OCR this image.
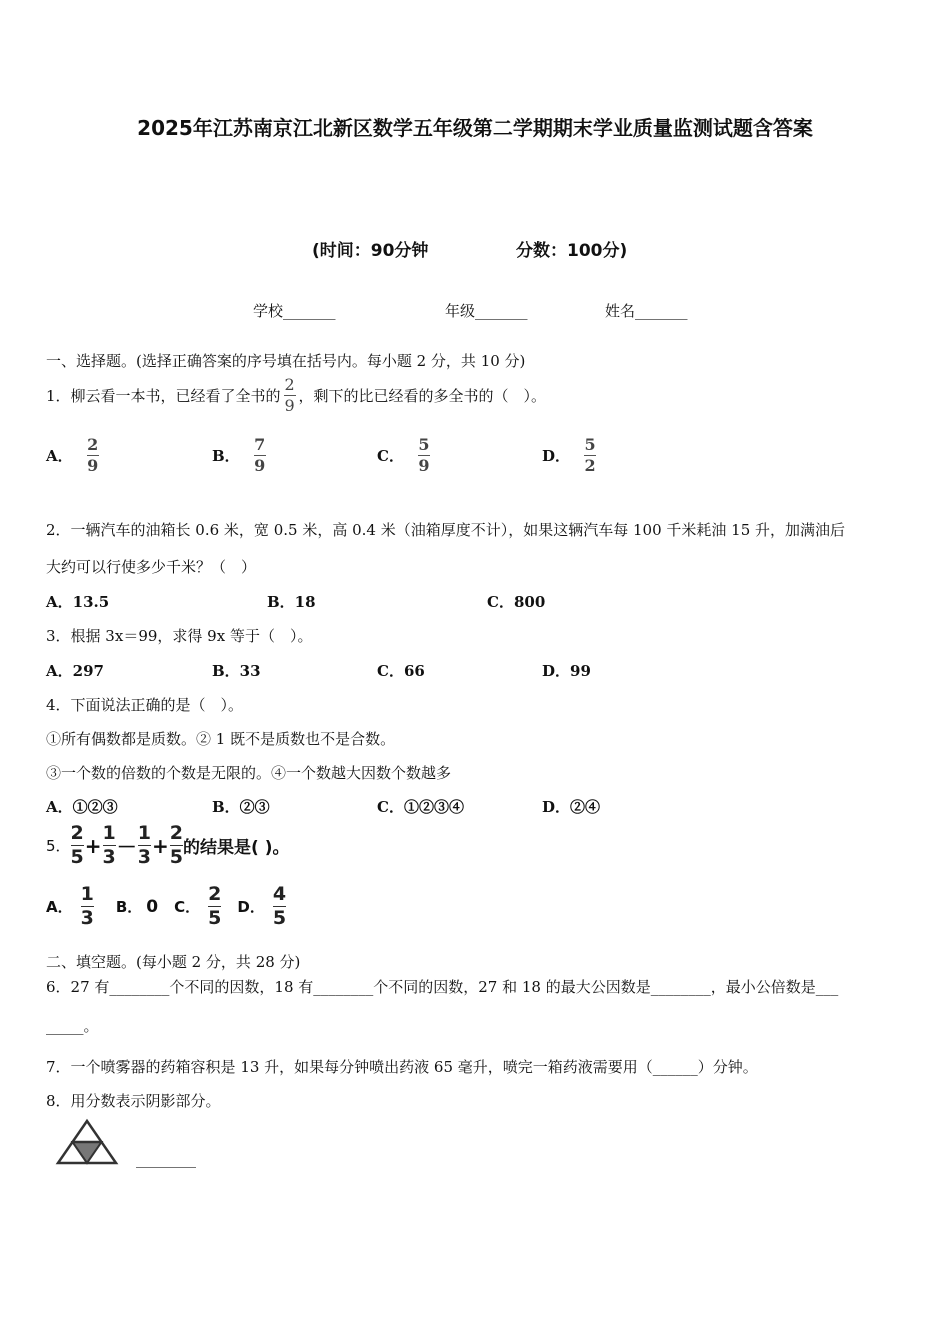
2025年江苏南京江北新区数学五年级第二学期期末学业质量监测试题含答案
(时间：90分钟	分数：100分)
学校_______	年级_______	姓名_______
一、选择题。(选择正确答案的序号填在括号内。每小题 2 分，共 10 分)
1．柳云看一本书，已经看了全书的 $\frac{2}{9}$ ，剩下的比已经看的多全书的（　）。
A． $\frac{2}{9}$	B． $\frac{7}{9}$	C． $\frac{5}{9}$	D． $\frac{5}{2}$
2．一辆汽车的油箱长 0.6 米，宽 0.5 米，高 0.4 米（油箱厚度不计），如果这辆汽车每 100 千米耗油 15 升，加满油后
大约可以行使多少千米？（　）
A．13.5	B．18	C．800
3．根据 3x＝99，求得 9x 等于（　）。
A．297	B．33	C．66	D．99
4．下面说法正确的是（　）。
①所有偶数都是质数。② 1 既不是质数也不是合数。
③一个数的倍数的个数是无限的。④一个数越大因数个数越多
A．①②③	B．②③	C．①②③④	D．②④
5． $\frac{2}{5} + \frac{1}{3} - \frac{1}{3} + \frac{2}{5}$ 的结果是( )。
A． $\frac{1}{3}$ B． 0 C． $\frac{2}{5}$ D． $\frac{4}{5}$
二、填空题。(每小题 2 分，共 28 分)
6．27 有________个不同的因数，18 有________个不同的因数，27 和 18 的最大公因数是________，最小公倍数是___
_____。
7．一个喷雾器的药箱容积是 13 升，如果每分钟喷出药液 65 毫升，喷完一箱药液需要用（______）分钟。
8．用分数表示阴影部分。
________
